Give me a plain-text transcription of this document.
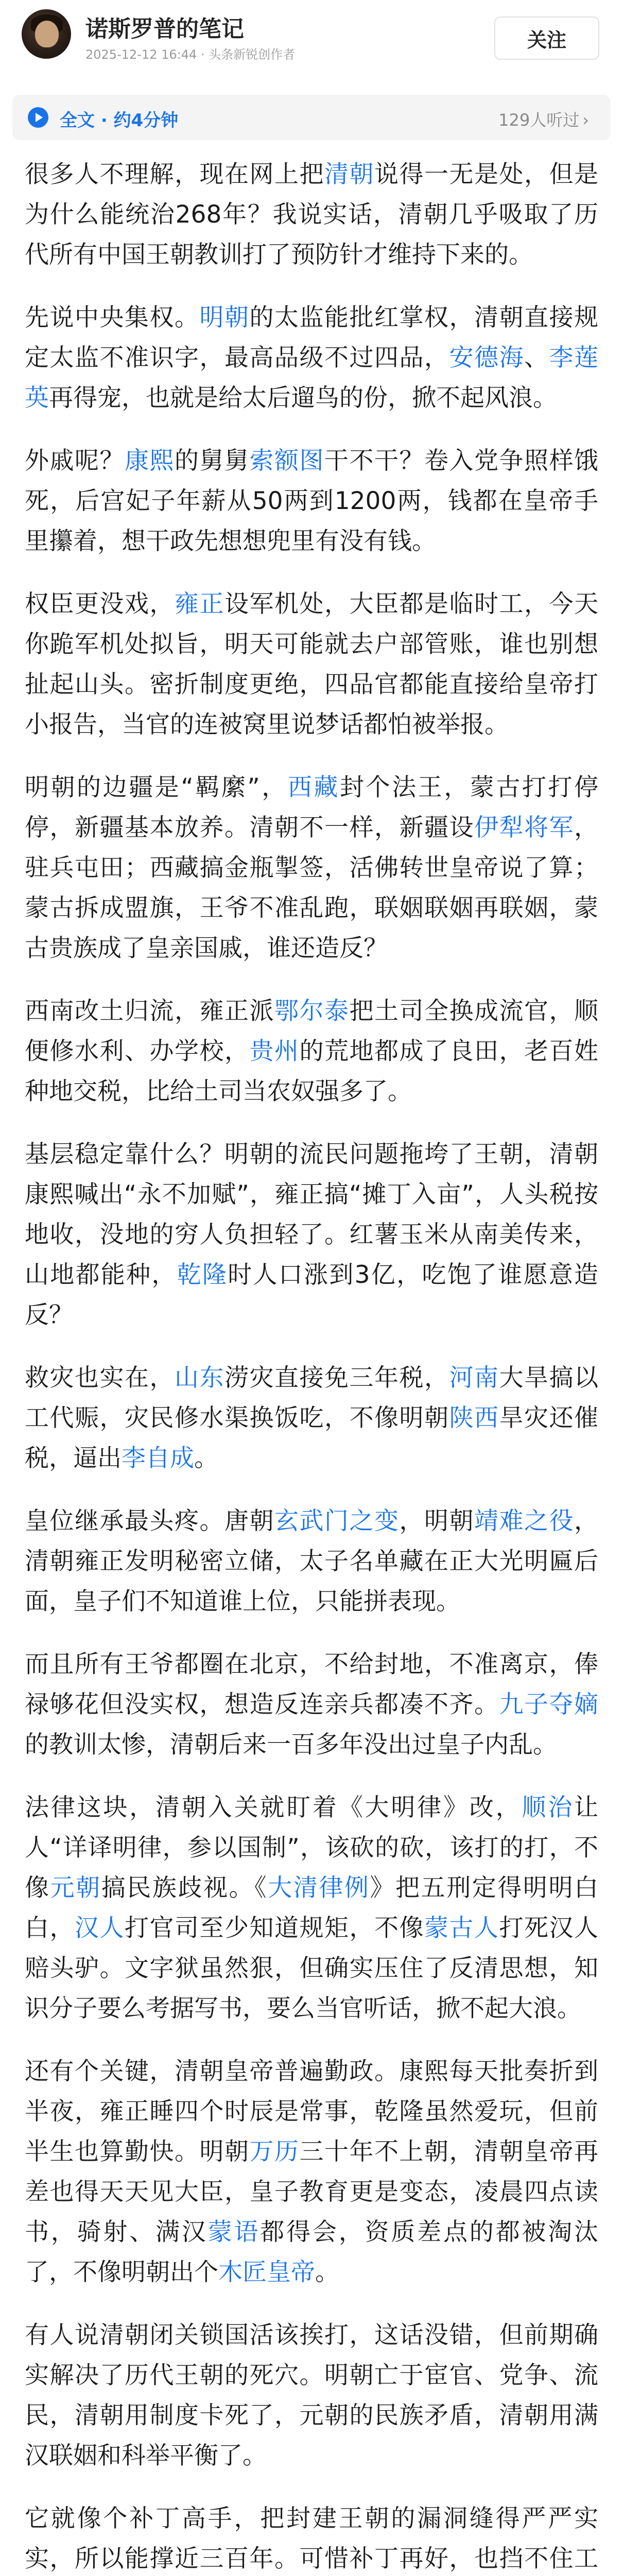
诺斯罗普的笔记
2025-12-12 16:44 · 头条新锐创作者
关注
全文 · 约4分钟	129人听过 ›

很多人不理解，现在网上把清朝说得一无是处，但是为什么能统治268年？我说实话，清朝几乎吸取了历代所有中国王朝教训打了预防针才维持下来的。

先说中央集权。明朝的太监能批红掌权，清朝直接规定太监不准识字，最高品级不过四品，安德海、李莲英再得宠，也就是给太后遛鸟的份，掀不起风浪。

外戚呢？康熙的舅舅索额图干不干？卷入党争照样饿死，后宫妃子年薪从50两到1200两，钱都在皇帝手里攥着，想干政先想想兜里有没有钱。

权臣更没戏，雍正设军机处，大臣都是临时工，今天你跪军机处拟旨，明天可能就去户部管账，谁也别想扯起山头。密折制度更绝，四品官都能直接给皇帝打小报告，当官的连被窝里说梦话都怕被举报。

明朝的边疆是“羁縻”，西藏封个法王，蒙古打打停停，新疆基本放养。清朝不一样，新疆设伊犁将军，驻兵屯田；西藏搞金瓶掣签，活佛转世皇帝说了算；蒙古拆成盟旗，王爷不准乱跑，联姻联姻再联姻，蒙古贵族成了皇亲国戚，谁还造反？

西南改土归流，雍正派鄂尔泰把土司全换成流官，顺便修水利、办学校，贵州的荒地都成了良田，老百姓种地交税，比给土司当农奴强多了。

基层稳定靠什么？明朝的流民问题拖垮了王朝，清朝康熙喊出“永不加赋”，雍正搞“摊丁入亩”，人头税按地收，没地的穷人负担轻了。红薯玉米从南美传来，山地都能种，乾隆时人口涨到3亿，吃饱了谁愿意造反？

救灾也实在，山东涝灾直接免三年税，河南大旱搞以工代赈，灾民修水渠换饭吃，不像明朝陕西旱灾还催税，逼出李自成。

皇位继承最头疼。唐朝玄武门之变，明朝靖难之役，清朝雍正发明秘密立储，太子名单藏在正大光明匾后面，皇子们不知道谁上位，只能拼表现。

而且所有王爷都圈在北京，不给封地，不准离京，俸禄够花但没实权，想造反连亲兵都凑不齐。九子夺嫡的教训太惨，清朝后来一百多年没出过皇子内乱。

法律这块，清朝入关就盯着《大明律》改，顺治让人“详译明律，参以国制”，该砍的砍，该打的打，不像元朝搞民族歧视。《大清律例》把五刑定得明明白白，汉人打官司至少知道规矩，不像蒙古人打死汉人赔头驴。文字狱虽然狠，但确实压住了反清思想，知识分子要么考据写书，要么当官听话，掀不起大浪。

还有个关键，清朝皇帝普遍勤政。康熙每天批奏折到半夜，雍正睡四个时辰是常事，乾隆虽然爱玩，但前半生也算勤快。明朝万历三十年不上朝，清朝皇帝再差也得天天见大臣，皇子教育更是变态，凌晨四点读书，骑射、满汉蒙语都得会，资质差点的都被淘汰了，不像明朝出个木匠皇帝。

有人说清朝闭关锁国活该挨打，这话没错，但前期确实解决了历代王朝的死穴。明朝亡于宦官、党争、流民，清朝用制度卡死了，元朝的民族矛盾，清朝用满汉联姻和科举平衡了。

它就像个补丁高手，把封建王朝的漏洞缝得严严实实，所以能撑近三百年。可惜补丁再好，也挡不住工
